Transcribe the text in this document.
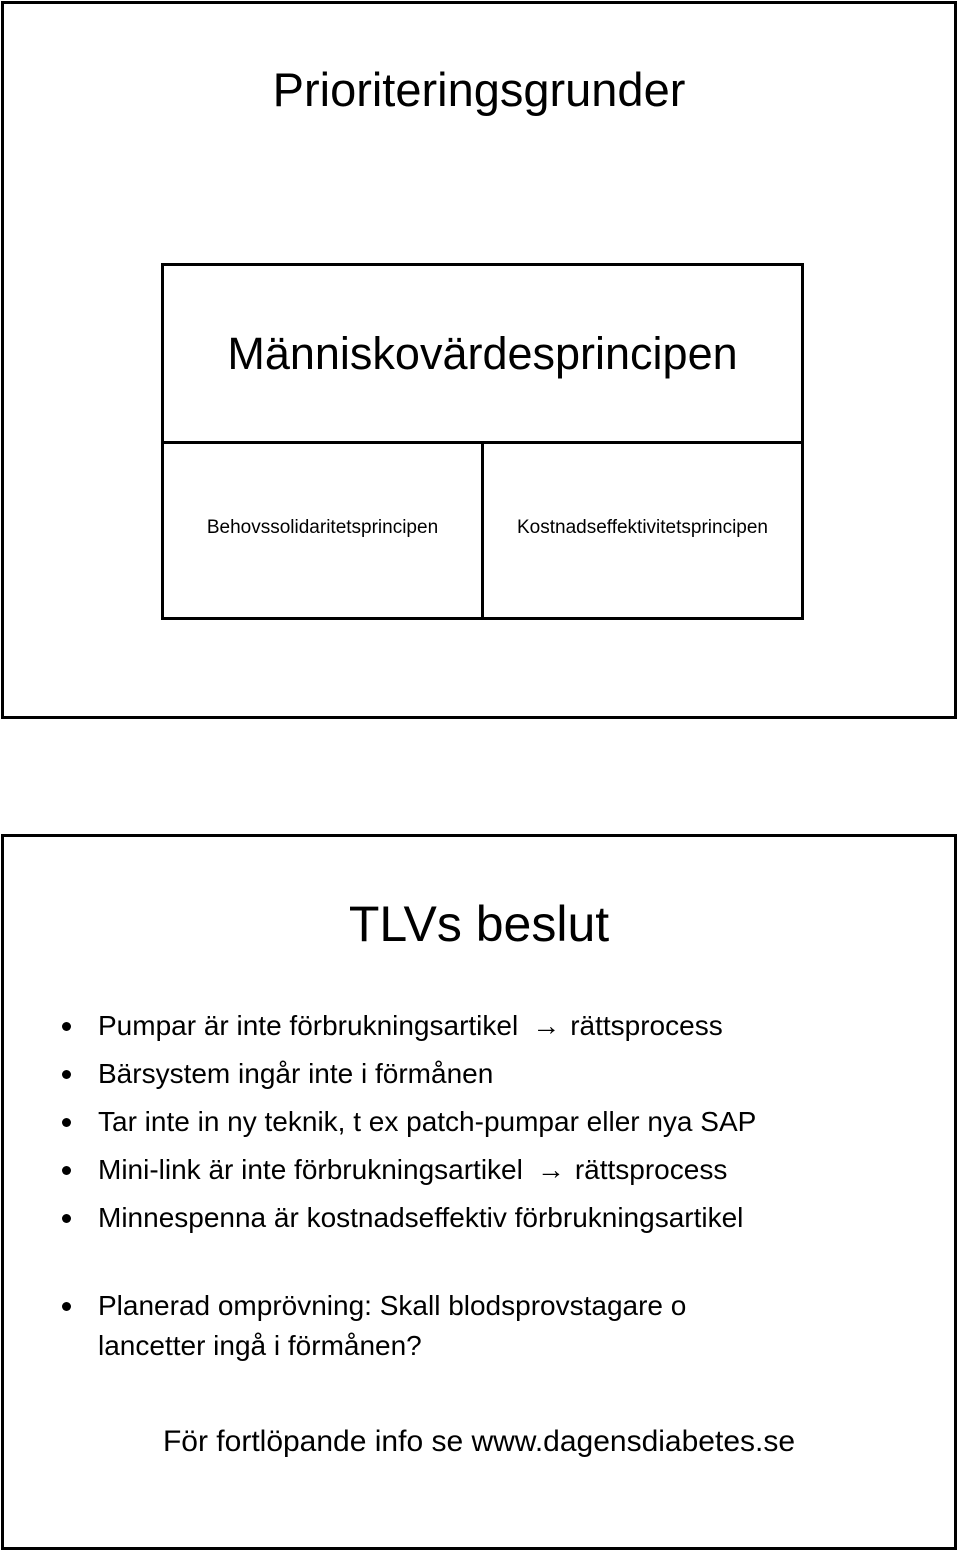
Prioriteringsgrunder
Människovärdesprincipen
Behovssolidaritetsprincipen	Kostnadseffektivitetsprincipen
TLVs beslut
Pumpar är inte förbrukningsartikel → rättsprocess
Bärsystem ingår inte i förmånen
Tar inte in ny teknik, t ex patch-pumpar eller nya SAP
Mini-link är inte förbrukningsartikel → rättsprocess
Minnespenna är kostnadseffektiv förbrukningsartikel
Planerad omprövning: Skall blodsprovstagare o
lancetter ingå i förmånen?
För fortlöpande info se www.dagensdiabetes.se
